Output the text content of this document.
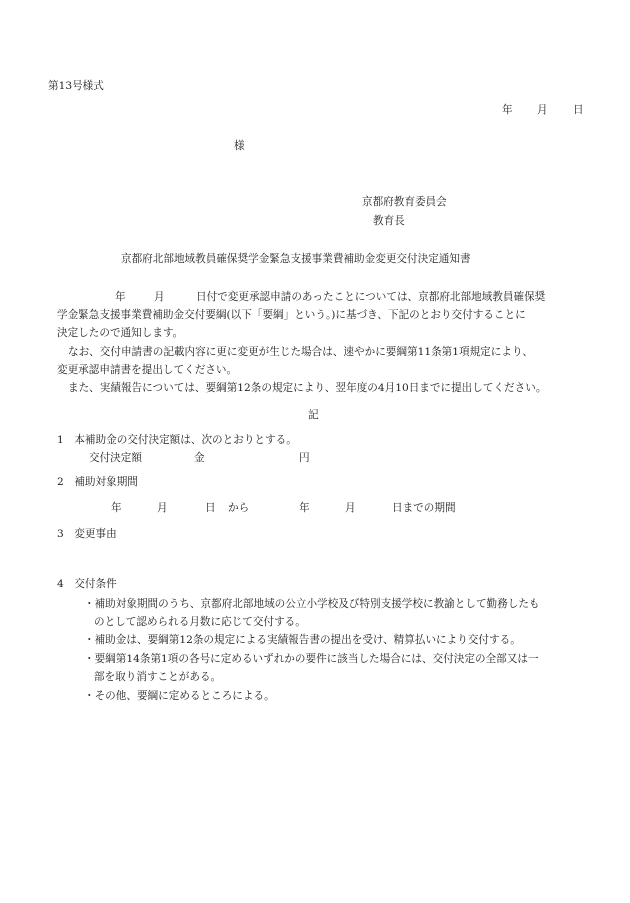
第13号様式
年 月 日
様
京都府教育委員会
教育長
京都府北部地域教員確保奨学金緊急支援事業費補助金変更交付決定通知書
年	月	日付で変更承認申請のあったことについては、京都府北部地域教員確保奨
学金緊急支援事業費補助金交付要綱(以下「要綱」という。)に基づき、下記のとおり交付することに
決定したので通知します。
なお、交付申請書の記載内容に更に変更が生じた場合は、速やかに要綱第11条第1項規定により、
変更承認申請書を提出してください。
また、実績報告については、要綱第12条の規定により、翌年度の4月10日までに提出してください。
記
1　本補助金の交付決定額は、次のとおりとする。
交付決定額	金	円
2　補助対象期間
年	月	日 から	年	月	日までの期間
3　変更事由
4　交付条件
・補助対象期間のうち、京都府北部地域の公立小学校及び特別支援学校に教諭として勤務したも
のとして認められる月数に応じて交付する。
・補助金は、要綱第12条の規定による実績報告書の提出を受け、精算払いにより交付する。
・要綱第14条第1項の各号に定めるいずれかの要件に該当した場合には、交付決定の全部又は一
部を取り消すことがある。
・その他、要綱に定めるところによる。
